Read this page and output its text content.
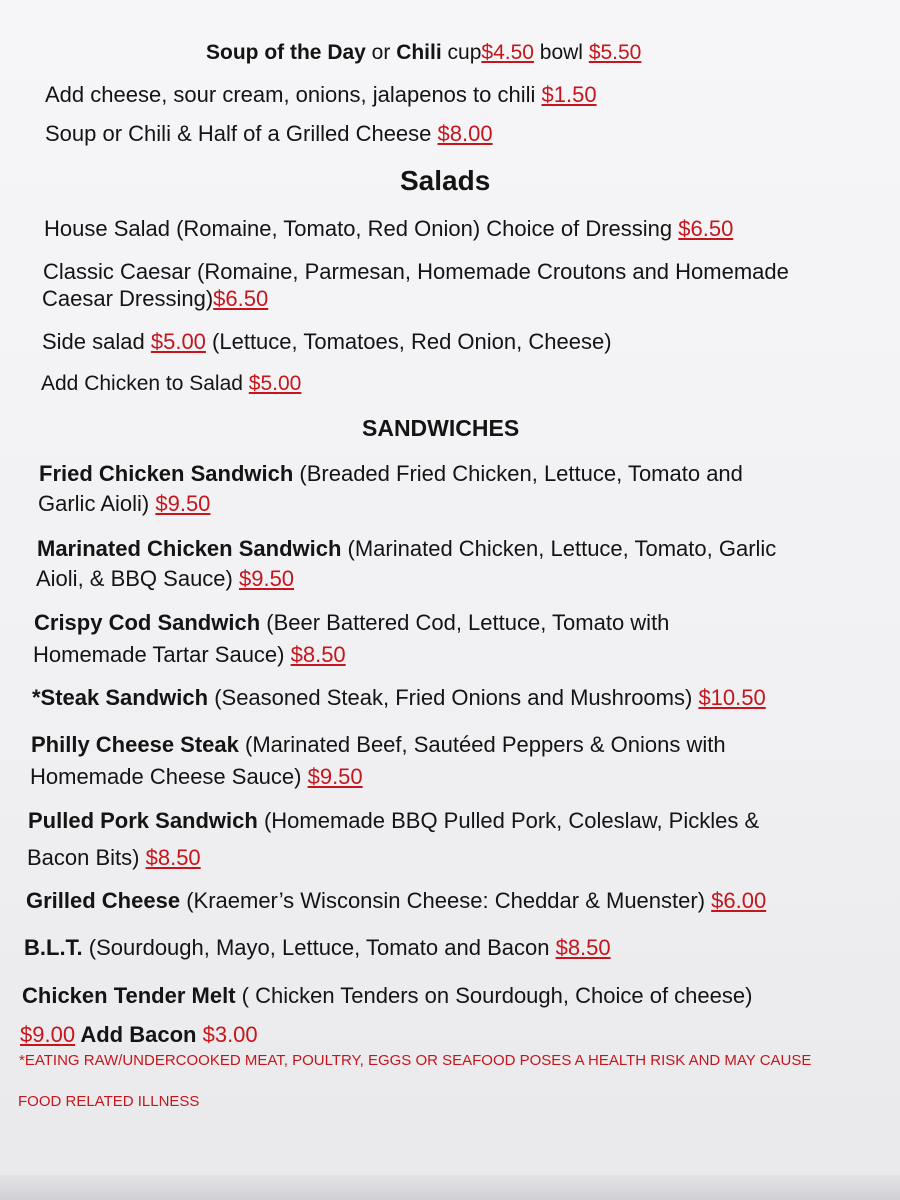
Soup of the Day or Chili cup$4.50 bowl $5.50
Add cheese, sour cream, onions, jalapenos to chili $1.50
Soup or Chili & Half of a Grilled Cheese $8.00
Salads
House Salad (Romaine, Tomato, Red Onion) Choice of Dressing $6.50
Classic Caesar (Romaine, Parmesan, Homemade Croutons and Homemade
Caesar Dressing)$6.50
Side salad $5.00 (Lettuce, Tomatoes, Red Onion, Cheese)
Add Chicken to Salad $5.00
SANDWICHES
Fried Chicken Sandwich (Breaded Fried Chicken, Lettuce, Tomato and
Garlic Aioli) $9.50
Marinated Chicken Sandwich (Marinated Chicken, Lettuce, Tomato, Garlic
Aioli, & BBQ Sauce) $9.50
Crispy Cod Sandwich (Beer Battered Cod, Lettuce, Tomato with
Homemade Tartar Sauce) $8.50
*Steak Sandwich (Seasoned Steak, Fried Onions and Mushrooms) $10.50
Philly Cheese Steak (Marinated Beef, Sautéed Peppers & Onions with
Homemade Cheese Sauce) $9.50
Pulled Pork Sandwich (Homemade BBQ Pulled Pork, Coleslaw, Pickles &
Bacon Bits) $8.50
Grilled Cheese (Kraemer’s Wisconsin Cheese: Cheddar & Muenster) $6.00
B.L.T. (Sourdough, Mayo, Lettuce, Tomato and Bacon $8.50
Chicken Tender Melt ( Chicken Tenders on Sourdough, Choice of cheese)
$9.00 Add Bacon $3.00
*EATING RAW/UNDERCOOKED MEAT, POULTRY, EGGS OR SEAFOOD POSES A HEALTH RISK AND MAY CAUSE
FOOD RELATED ILLNESS
